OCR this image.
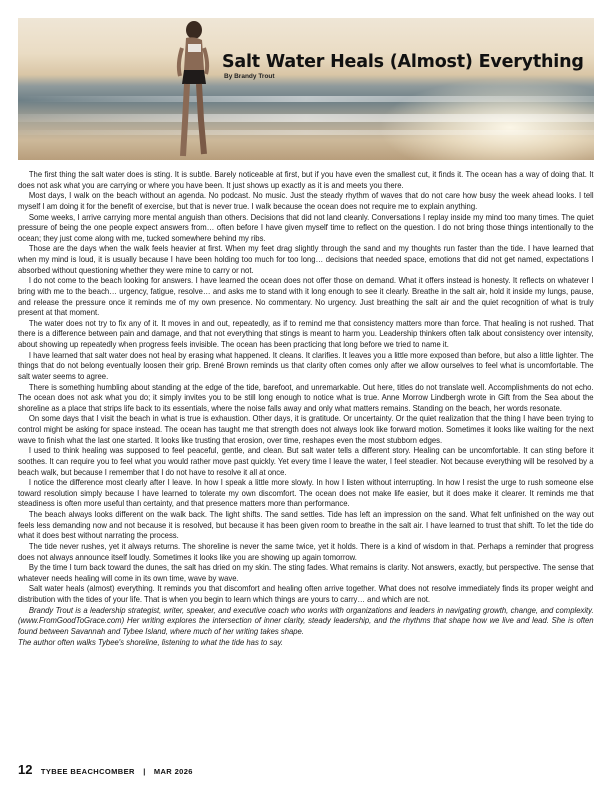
Salt Water Heals (Almost) Everything
By Brandy Trout

The first thing the salt water does is sting. It is subtle. Barely noticeable at first, but if you have even the smallest cut, it finds it. The ocean has a way of doing that. It does not ask what you are carrying or where you have been. It just shows up exactly as it is and meets you there.

Most days, I walk on the beach without an agenda. No podcast. No music. Just the steady rhythm of waves that do not care how busy the week ahead looks. I tell myself I am doing it for the benefit of exercise, but that is never true. I walk because the ocean does not require me to explain anything.

Some weeks, I arrive carrying more mental anguish than others. Decisions that did not land cleanly. Conversations I replay inside my mind too many times. The quiet pressure of being the one people expect answers from… often before I have given myself time to reflect on the question. I do not bring those things intentionally to the ocean; they just come along with me, tucked somewhere behind my ribs.

Those are the days when the walk feels heavier at first. When my feet drag slightly through the sand and my thoughts run faster than the tide. I have learned that when my mind is loud, it is usually because I have been holding too much for too long… decisions that needed space, emotions that did not get named, expectations I absorbed without questioning whether they were mine to carry or not.

I do not come to the beach looking for answers. I have learned the ocean does not offer those on demand. What it offers instead is honesty. It reflects on whatever I bring with me to the beach… urgency, fatigue, resolve… and asks me to stand with it long enough to see it clearly. Breathe in the salt air, hold it inside my lungs, pause, and release the pressure once it reminds me of my own presence. No commentary. No urgency. Just breathing the salt air and the quiet recognition of what is truly present at that moment.

The water does not try to fix any of it. It moves in and out, repeatedly, as if to remind me that consistency matters more than force. That healing is not rushed. That there is a difference between pain and damage, and that not everything that stings is meant to harm you. Leadership thinkers often talk about consistency over intensity, about showing up repeatedly when progress feels invisible. The ocean has been practicing that long before we tried to name it.

I have learned that salt water does not heal by erasing what happened. It cleans. It clarifies. It leaves you a little more exposed than before, but also a little lighter. The things that do not belong eventually loosen their grip. Brené Brown reminds us that clarity often comes only after we allow ourselves to feel what is uncomfortable. The salt water seems to agree.

There is something humbling about standing at the edge of the tide, barefoot, and unremarkable. Out here, titles do not translate well. Accomplishments do not echo. The ocean does not ask what you do; it simply invites you to be still long enough to notice what is true. Anne Morrow Lindbergh wrote in Gift from the Sea about the shoreline as a place that strips life back to its essentials, where the noise falls away and only what matters remains. Standing on the beach, her words resonate.

On some days that I visit the beach in what is true is exhaustion. Other days, it is gratitude. Or uncertainty. Or the quiet realization that the thing I have been trying to control might be asking for space instead. The ocean has taught me that strength does not always look like forward motion. Sometimes it looks like waiting for the next wave to finish what the last one started. It looks like trusting that erosion, over time, reshapes even the most stubborn edges.

I used to think healing was supposed to feel peaceful, gentle, and clean. But salt water tells a different story. Healing can be uncomfortable. It can sting before it soothes. It can require you to feel what you would rather move past quickly. Yet every time I leave the water, I feel steadier. Not because everything will be resolved by a beach walk, but because I remember that I do not have to resolve it all at once.

I notice the difference most clearly after I leave. In how I speak a little more slowly. In how I listen without interrupting. In how I resist the urge to rush someone else toward resolution simply because I have learned to tolerate my own discomfort. The ocean does not make life easier, but it does make it clearer. It reminds me that steadiness is often more useful than certainty, and that presence matters more than performance.

The beach always looks different on the walk back. The light shifts. The sand settles. Tide has left an impression on the sand. What felt unfinished on the way out feels less demanding now and not because it is resolved, but because it has been given room to breathe in the salt air. I have learned to trust that shift. To let the tide do what it does best without narrating the process.

The tide never rushes, yet it always returns. The shoreline is never the same twice, yet it holds. There is a kind of wisdom in that. Perhaps a reminder that progress does not always announce itself loudly. Sometimes it looks like you are showing up again tomorrow.

By the time I turn back toward the dunes, the salt has dried on my skin. The sting fades. What remains is clarity. Not answers, exactly, but perspective. The sense that whatever needs healing will come in its own time, wave by wave.

Salt water heals (almost) everything. It reminds you that discomfort and healing often arrive together. What does not resolve immediately finds its proper weight and distribution with the tides of your life. That is when you begin to learn which things are yours to carry… and which are not.

Brandy Trout is a leadership strategist, writer, speaker, and executive coach who works with organizations and leaders in navigating growth, change, and complexity. (www.FromGoodToGrace.com) Her writing explores the intersection of inner clarity, steady leadership, and the rhythms that shape how we live and lead. She is often found between Savannah and Tybee Island, where much of her writing takes shape.

The author often walks Tybee's shoreline, listening to what the tide has to say.

12 TYBEE BEACHCOMBER | MAR 2026
